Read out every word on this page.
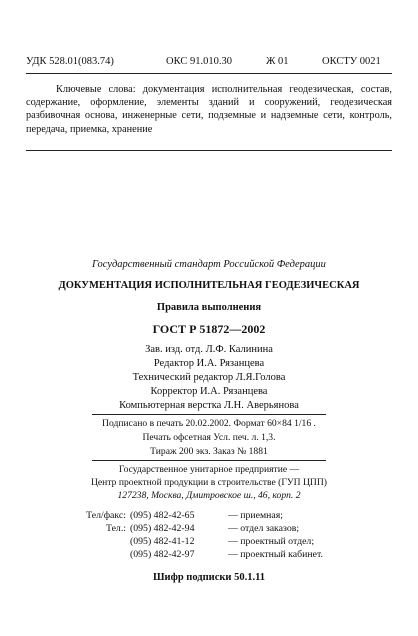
УДК 528.01(083.74)	ОКС 91.010.30	Ж 01	ОКСТУ 0021
Ключевые слова: документация исполнительная геодезическая, состав, содержание, оформление, элементы зданий и сооружений, геодезическая разбивочная основа, инженерные сети, подземные и надземные сети, контроль, передача, приемка, хранение
Государственный стандарт Российской Федерации
ДОКУМЕНТАЦИЯ ИСПОЛНИТЕЛЬНАЯ ГЕОДЕЗИЧЕСКАЯ
Правила выполнения
ГОСТ Р 51872—2002
Зав. изд. отд. Л.Ф. Калинина
Редактор И.А. Рязанцева
Технический редактор Л.Я.Голова
Корректор И.А. Рязанцева
Компьютерная верстка Л.Н. Аверьянова
Подписано в печать 20.02.2002. Формат 60×84 1/16 .
Печать офсетная Усл. печ. л. 1,3.
Тираж 200 экз. Заказ № 1881
Государственное унитарное предприятие —
Центр проектной продукции в строительстве (ГУП ЦПП)
127238, Москва, Дмитровское ш., 46, корп. 2
Тел/факс: (095) 482-42-65	— приемная;
Тел.: (095) 482-42-94	— отдел заказов;
(095) 482-41-12	— проектный отдел;
(095) 482-42-97	— проектный кабинет.
Шифр подписки 50.1.11
